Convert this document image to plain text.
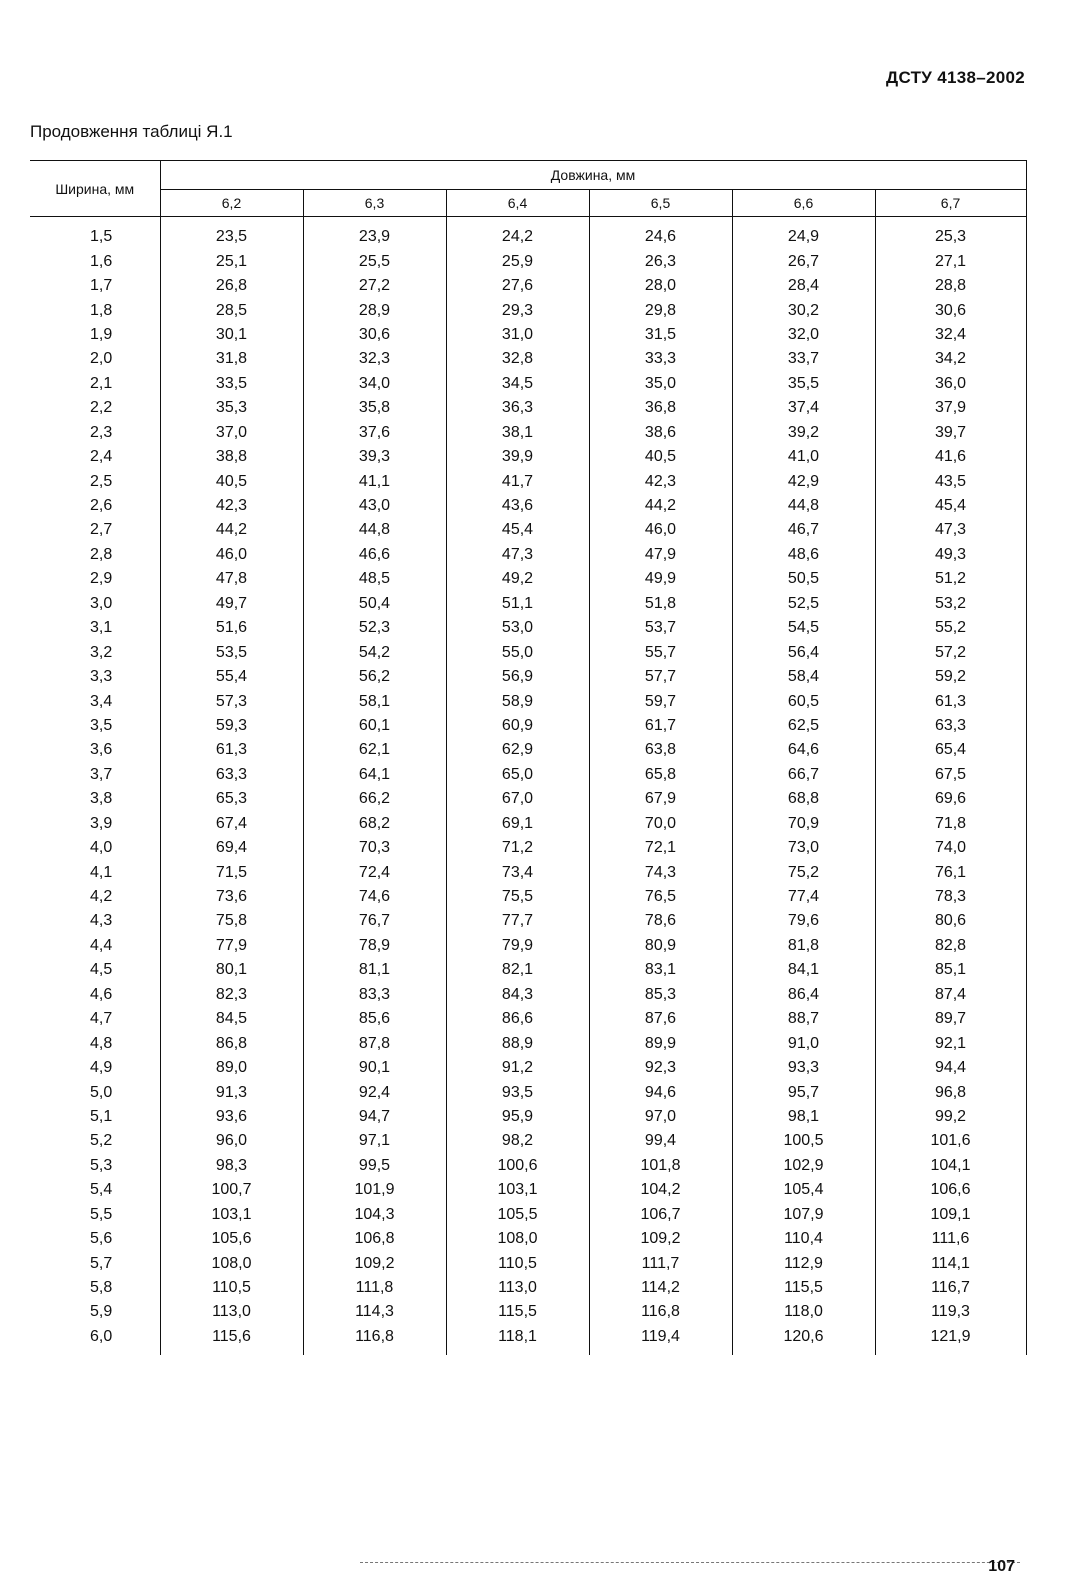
ДСТУ 4138–2002
Продовження таблиці Я.1
Ширина, мм	Довжина, мм					
	6,2	6,3	6,4	6,5	6,6	6,7
1,5	23,5	23,9	24,2	24,6	24,9	25,3
1,6	25,1	25,5	25,9	26,3	26,7	27,1
1,7	26,8	27,2	27,6	28,0	28,4	28,8
1,8	28,5	28,9	29,3	29,8	30,2	30,6
1,9	30,1	30,6	31,0	31,5	32,0	32,4
2,0	31,8	32,3	32,8	33,3	33,7	34,2
2,1	33,5	34,0	34,5	35,0	35,5	36,0
2,2	35,3	35,8	36,3	36,8	37,4	37,9
2,3	37,0	37,6	38,1	38,6	39,2	39,7
2,4	38,8	39,3	39,9	40,5	41,0	41,6
2,5	40,5	41,1	41,7	42,3	42,9	43,5
2,6	42,3	43,0	43,6	44,2	44,8	45,4
2,7	44,2	44,8	45,4	46,0	46,7	47,3
2,8	46,0	46,6	47,3	47,9	48,6	49,3
2,9	47,8	48,5	49,2	49,9	50,5	51,2
3,0	49,7	50,4	51,1	51,8	52,5	53,2
3,1	51,6	52,3	53,0	53,7	54,5	55,2
3,2	53,5	54,2	55,0	55,7	56,4	57,2
3,3	55,4	56,2	56,9	57,7	58,4	59,2
3,4	57,3	58,1	58,9	59,7	60,5	61,3
3,5	59,3	60,1	60,9	61,7	62,5	63,3
3,6	61,3	62,1	62,9	63,8	64,6	65,4
3,7	63,3	64,1	65,0	65,8	66,7	67,5
3,8	65,3	66,2	67,0	67,9	68,8	69,6
3,9	67,4	68,2	69,1	70,0	70,9	71,8
4,0	69,4	70,3	71,2	72,1	73,0	74,0
4,1	71,5	72,4	73,4	74,3	75,2	76,1
4,2	73,6	74,6	75,5	76,5	77,4	78,3
4,3	75,8	76,7	77,7	78,6	79,6	80,6
4,4	77,9	78,9	79,9	80,9	81,8	82,8
4,5	80,1	81,1	82,1	83,1	84,1	85,1
4,6	82,3	83,3	84,3	85,3	86,4	87,4
4,7	84,5	85,6	86,6	87,6	88,7	89,7
4,8	86,8	87,8	88,9	89,9	91,0	92,1
4,9	89,0	90,1	91,2	92,3	93,3	94,4
5,0	91,3	92,4	93,5	94,6	95,7	96,8
5,1	93,6	94,7	95,9	97,0	98,1	99,2
5,2	96,0	97,1	98,2	99,4	100,5	101,6
5,3	98,3	99,5	100,6	101,8	102,9	104,1
5,4	100,7	101,9	103,1	104,2	105,4	106,6
5,5	103,1	104,3	105,5	106,7	107,9	109,1
5,6	105,6	106,8	108,0	109,2	110,4	111,6
5,7	108,0	109,2	110,5	111,7	112,9	114,1
5,8	110,5	111,8	113,0	114,2	115,5	116,7
5,9	113,0	114,3	115,5	116,8	118,0	119,3
6,0	115,6	116,8	118,1	119,4	120,6	121,9
107
